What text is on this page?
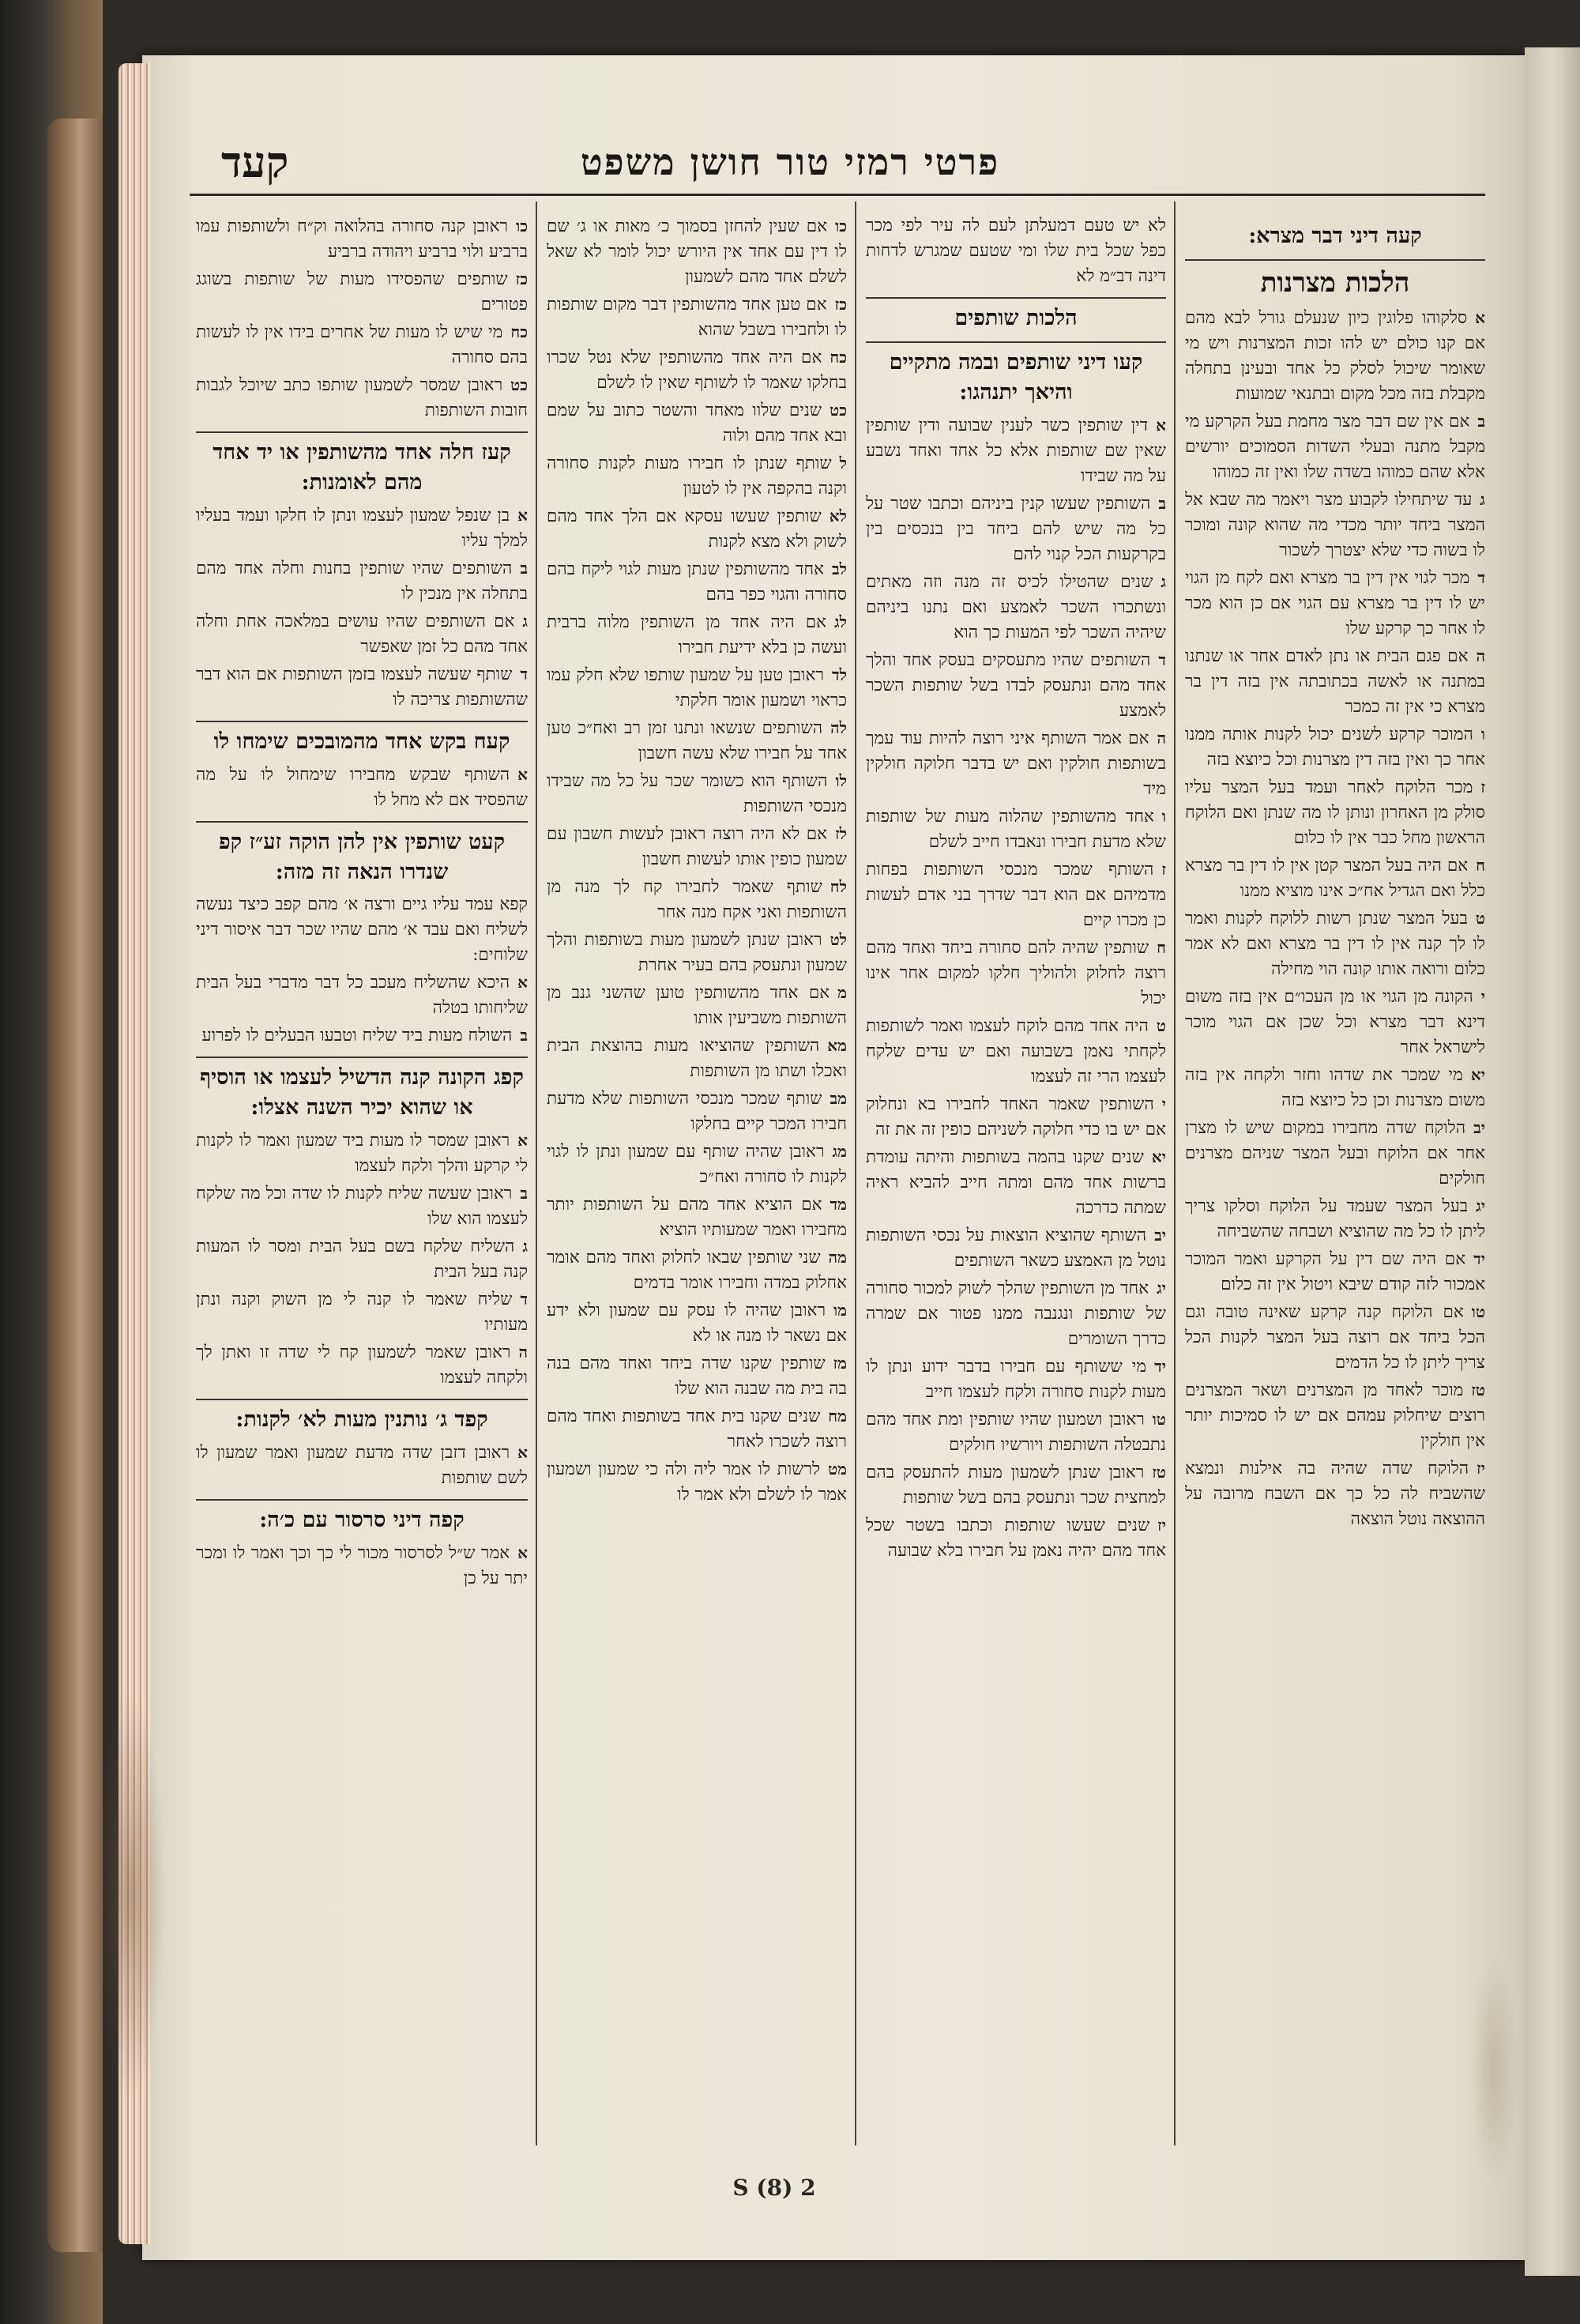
פרטי רמזי טור חושן משפט
קעד
קעה דיני דבר מצרא:
הלכות מצרנות

אסלקוהו פלוגין כיון שנעלם גורל לבא מהם אם קנו כולם יש להו זכות המצרנות ויש מי שאומר שיכול לסלק כל אחד ובעינן בתחלה מקבלת בזה מכל מקום ובתנאי שמועות

באם אין שם דבר מצר מחמת בעל הקרקע מי מקבל מתנה ובעלי השדות הסמוכים יורשים אלא שהם כמוהו בשדה שלו ואין זה כמוהו

געד שיתחילו לקבוע מצר ויאמר מה שבא אל המצר ביחד יותר מכדי מה שהוא קונה ומוכר לו בשוה כדי שלא יצטרך לשכור

דמכר לגוי אין דין בר מצרא ואם לקח מן הגוי יש לו דין בר מצרא עם הגוי אם כן הוא מכר לו אחר כך קרקע שלו

האם פגם הבית או נתן לאדם אחר או שנתנו במתנה או לאשה בכתובתה אין בזה דין בר מצרא כי אין זה כמכר

והמוכר קרקע לשנים יכול לקנות אותה ממנו אחר כך ואין בזה דין מצרנות וכל כיוצא בזה

זמכר הלוקח לאחר ועמד בעל המצר עליו סולק מן האחרון ונותן לו מה שנתן ואם הלוקח הראשון מחל כבר אין לו כלום

חאם היה בעל המצר קטן אין לו דין בר מצרא כלל ואם הגדיל אח״כ אינו מוציא ממנו

טבעל המצר שנתן רשות ללוקח לקנות ואמר לו לך קנה אין לו דין בר מצרא ואם לא אמר כלום ורואה אותו קונה הוי מחילה

יהקונה מן הגוי או מן העכו״ם אין בזה משום דינא דבר מצרא וכל שכן אם הגוי מוכר לישראל אחר

יאמי שמכר את שדהו וחזר ולקחה אין בזה משום מצרנות וכן כל כיוצא בזה

יבהלוקח שדה מחבירו במקום שיש לו מצרן אחר אם הלוקח ובעל המצר שניהם מצרנים חולקים

יגבעל המצר שעמד על הלוקח וסלקו צריך ליתן לו כל מה שהוציא ושבחה שהשביחה

ידאם היה שם דין על הקרקע ואמר המוכר אמכור לזה קודם שיבא ויטול אין זה כלום

טואם הלוקח קנה קרקע שאינה טובה וגם הכל ביחד אם רוצה בעל המצר לקנות הכל צריך ליתן לו כל הדמים

טזמוכר לאחד מן המצרנים ושאר המצרנים רוצים שיחלוק עמהם אם יש לו סמיכות יותר אין חולקין

יזהלוקח שדה שהיה בה אילנות ונמצא שהשביח לה כל כך אם השבח מרובה על ההוצאה נוטל הוצאה

לא יש טעם דמעלתן לעם לה עיר לפי מכר כפל שכל בית שלו ומי שטעם שמגרש לדחות דינה דב״מ לא

הלכות שותפים
קעו דיני שותפים ובמה מתקיים והיאך יתנהגו:

אדין שותפין כשר לענין שבועה ודין שותפין שאין שם שותפות אלא כל אחד ואחד נשבע על מה שבידו

בהשותפין שעשו קנין ביניהם וכתבו שטר על כל מה שיש להם ביחד בין בנכסים בין בקרקעות הכל קנוי להם

גשנים שהטילו לכיס זה מנה וזה מאתים ונשתכרו השכר לאמצע ואם נתנו ביניהם שיהיה השכר לפי המעות כך הוא

דהשותפים שהיו מתעסקים בעסק אחד והלך אחד מהם ונתעסק לבדו בשל שותפות השכר לאמצע

האם אמר השותף איני רוצה להיות עוד עמך בשותפות חולקין ואם יש בדבר חלוקה חולקין מיד

ואחד מהשותפין שהלוה מעות של שותפות שלא מדעת חבירו ונאבדו חייב לשלם

זהשותף שמכר מנכסי השותפות בפחות מדמיהם אם הוא דבר שדרך בני אדם לעשות כן מכרו קיים

חשותפין שהיה להם סחורה ביחד ואחד מהם רוצה לחלוק ולהוליך חלקו למקום אחר אינו יכול

טהיה אחד מהם לוקח לעצמו ואמר לשותפות לקחתי נאמן בשבועה ואם יש עדים שלקח לעצמו הרי זה לעצמו

יהשותפין שאמר האחד לחבירו בא ונחלוק אם יש בו כדי חלוקה לשניהם כופין זה את זה

יאשנים שקנו בהמה בשותפות והיתה עומדת ברשות אחד מהם ומתה חייב להביא ראיה שמתה כדרכה

יבהשותף שהוציא הוצאות על נכסי השותפות נוטל מן האמצע כשאר השותפים

יגאחד מן השותפין שהלך לשוק למכור סחורה של שותפות ונגנבה ממנו פטור אם שמרה כדרך השומרים

ידמי ששותף עם חבירו בדבר ידוע ונתן לו מעות לקנות סחורה ולקח לעצמו חייב

טוראובן ושמעון שהיו שותפין ומת אחד מהם נתבטלה השותפות ויורשיו חולקים

טזראובן שנתן לשמעון מעות להתעסק בהם למחצית שכר ונתעסק בהם בשל שותפות

יזשנים שעשו שותפות וכתבו בשטר שכל אחד מהם יהיה נאמן על חבירו בלא שבועה

כואם שעין להחזן בסמוך כ׳ מאות או ג׳ שם לו דין עם אחד אין היורש יכול לומר לא שאל לשלם אחד מהם לשמעון

כזאם טען אחד מהשותפין דבר מקום שותפות לו ולחבירו בשבל שהוא

כחאם היה אחד מהשותפין שלא נטל שכרו בחלקו שאמר לו לשותף שאין לו לשלם

כטשנים שלוו מאחד והשטר כתוב על שמם ובא אחד מהם ולוה

לשותף שנתן לו חבירו מעות לקנות סחורה וקנה בהקפה אין לו לטעון

לאשותפין שעשו עסקא אם הלך אחד מהם לשוק ולא מצא לקנות

לבאחד מהשותפין שנתן מעות לגוי ליקח בהם סחורה והגוי כפר בהם

לגאם היה אחד מן השותפין מלוה ברבית ועשה כן בלא ידיעת חבירו

לדראובן טען על שמעון שותפו שלא חלק עמו כראוי ושמעון אומר חלקתי

לההשותפים שנשאו ונתנו זמן רב ואח״כ טען אחד על חבירו שלא עשה חשבון

לוהשותף הוא כשומר שכר על כל מה שבידו מנכסי השותפות

לזאם לא היה רוצה ראובן לעשות חשבון עם שמעון כופין אותו לעשות חשבון

לחשותף שאמר לחבירו קח לך מנה מן השותפות ואני אקח מנה אחר

לטראובן שנתן לשמעון מעות בשותפות והלך שמעון ונתעסק בהם בעיר אחרת

מאם אחד מהשותפין טוען שהשני גנב מן השותפות משביעין אותו

מאהשותפין שהוציאו מעות בהוצאת הבית ואכלו ושתו מן השותפות

מבשותף שמכר מנכסי השותפות שלא מדעת חבירו המכר קיים בחלקו

מגראובן שהיה שותף עם שמעון ונתן לו לגוי לקנות לו סחורה ואח״כ

מדאם הוציא אחד מהם על השותפות יותר מחבירו ואמר שמעותיו הוציא

מהשני שותפין שבאו לחלוק ואחד מהם אומר אחלוק במדה וחבירו אומר בדמים

מוראובן שהיה לו עסק עם שמעון ולא ידע אם נשאר לו מנה או לא

מזשותפין שקנו שדה ביחד ואחד מהם בנה בה בית מה שבנה הוא שלו

מחשנים שקנו בית אחד בשותפות ואחד מהם רוצה לשכרו לאחר

מטלרשות לו אמר ליה ולה כי שמעון ושמעון אמר לו לשלם ולא אמר לו

כוראובן קנה סחורה בהלואה וק״ח ולשותפות עמו ברביע ולוי ברביע ויהודה ברביע

כזשותפים שהפסידו מעות של שותפות בשוגג פטורים

כחמי שיש לו מעות של אחרים בידו אין לו לעשות בהם סחורה

כטראובן שמסר לשמעון שותפו כתב שיוכל לגבות חובות השותפות

קעז חלה אחד מהשותפין או יד אחד מהם לאומנות:

אבן שנפל שמעון לעצמו ונתן לו חלקו ועמד בעליו למלך עליו

בהשותפים שהיו שותפין בחנות וחלה אחד מהם בתחלה אין מנכין לו

גאם השותפים שהיו עושים במלאכה אחת וחלה אחד מהם כל זמן שאפשר

דשותף שעשה לעצמו בזמן השותפות אם הוא דבר שהשותפות צריכה לו

קעח בקש אחד מהמובכים שימחו לו

אהשותף שבקש מחבירו שימחול לו על מה שהפסיד אם לא מחל לו

קעט שותפין אין להן הוקה זע״ז קפ שנדרו הנאה זה מזה:

קפא עמד עליו גיים ורצה א׳ מהם קפב כיצד נעשה לשליח ואם עבד א׳ מהם שהיו שכר דבר איסור דיני שלוחים:

אהיכא שהשליח מעכב כל דבר מדברי בעל הבית שליחותו בטלה

בהשולח מעות ביד שליח וטבעו הבעלים לו לפרוע

קפג הקונה קנה הדשיל לעצמו או הוסיף או שהוא יכיר השנה אצלו:

אראובן שמסר לו מעות ביד שמעון ואמר לו לקנות לי קרקע והלך ולקח לעצמו

בראובן שעשה שליח לקנות לו שדה וכל מה שלקח לעצמו הוא שלו

גהשליח שלקח בשם בעל הבית ומסר לו המעות קנה בעל הבית

דשליח שאמר לו קנה לי מן השוק וקנה ונתן מעותיו

הראובן שאמר לשמעון קח לי שדה זו ואתן לך ולקחה לעצמו

קפד ג׳ נותנין מעות לא׳ לקנות:

אראובן דזבן שדה מדעת שמעון ואמר שמעון לו לשם שותפות

קפה דיני סרסור עם כ׳ה:

אאמר ש״ל לסרסור מכור לי כך וכך ואמר לו ומכר יתר על כן

S (8) 2
